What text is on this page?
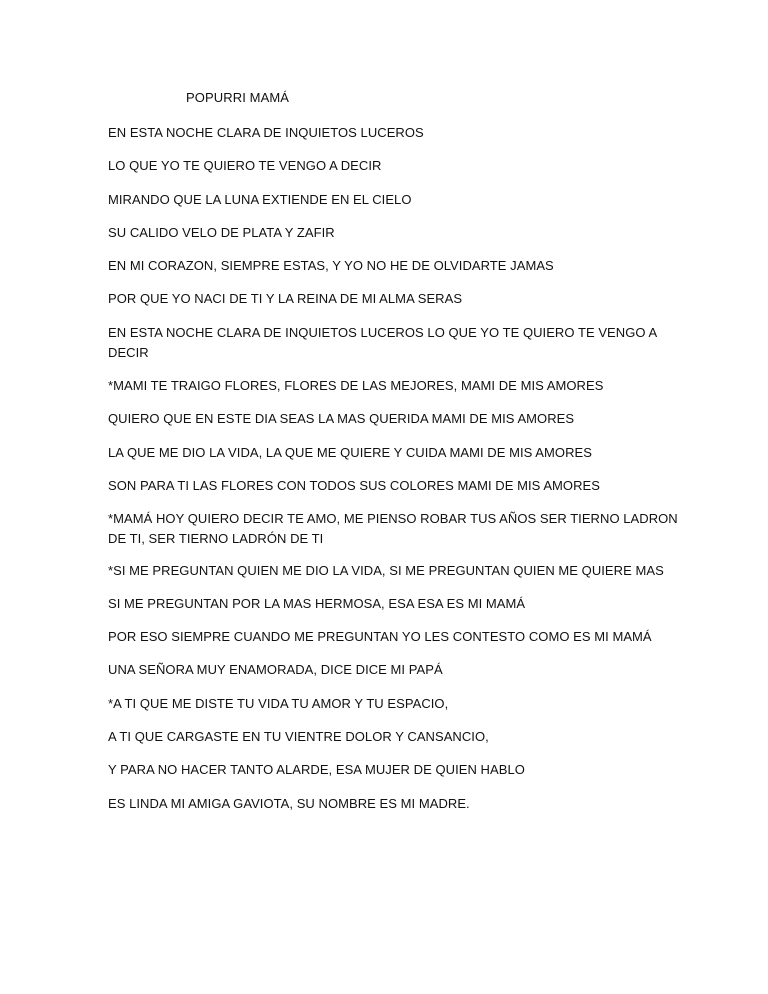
POPURRI MAMÁ
EN ESTA NOCHE CLARA DE INQUIETOS LUCEROS
LO QUE YO TE QUIERO TE VENGO A DECIR
MIRANDO QUE LA LUNA EXTIENDE EN EL CIELO
SU CALIDO VELO DE PLATA Y ZAFIR
EN MI CORAZON, SIEMPRE ESTAS, Y YO NO HE DE OLVIDARTE JAMAS
POR QUE YO NACI DE TI Y LA REINA DE MI ALMA SERAS
EN ESTA NOCHE CLARA DE INQUIETOS LUCEROS LO QUE YO TE QUIERO TE VENGO A DECIR
*MAMI TE TRAIGO FLORES, FLORES DE LAS MEJORES, MAMI DE MIS AMORES
QUIERO QUE EN ESTE DIA SEAS LA MAS QUERIDA MAMI DE MIS AMORES
LA QUE ME DIO LA VIDA, LA QUE ME QUIERE Y CUIDA MAMI DE MIS AMORES
SON PARA TI LAS FLORES CON TODOS SUS COLORES MAMI DE MIS AMORES
*MAMÁ HOY QUIERO DECIR TE AMO, ME PIENSO ROBAR TUS AÑOS SER TIERNO LADRON DE TI, SER TIERNO LADRÓN DE TI
*SI ME PREGUNTAN QUIEN ME DIO LA VIDA, SI ME PREGUNTAN QUIEN ME QUIERE MAS
SI ME PREGUNTAN POR LA MAS HERMOSA, ESA ESA ES MI MAMÁ
POR ESO SIEMPRE CUANDO ME PREGUNTAN YO LES CONTESTO COMO ES MI MAMÁ
UNA SEÑORA MUY ENAMORADA, DICE DICE MI PAPÁ
*A TI QUE ME DISTE TU VIDA TU AMOR Y TU ESPACIO,
A TI QUE CARGASTE EN TU VIENTRE DOLOR Y CANSANCIO,
Y PARA NO HACER TANTO ALARDE, ESA MUJER DE QUIEN HABLO
ES LINDA MI AMIGA GAVIOTA, SU NOMBRE ES MI MADRE.
